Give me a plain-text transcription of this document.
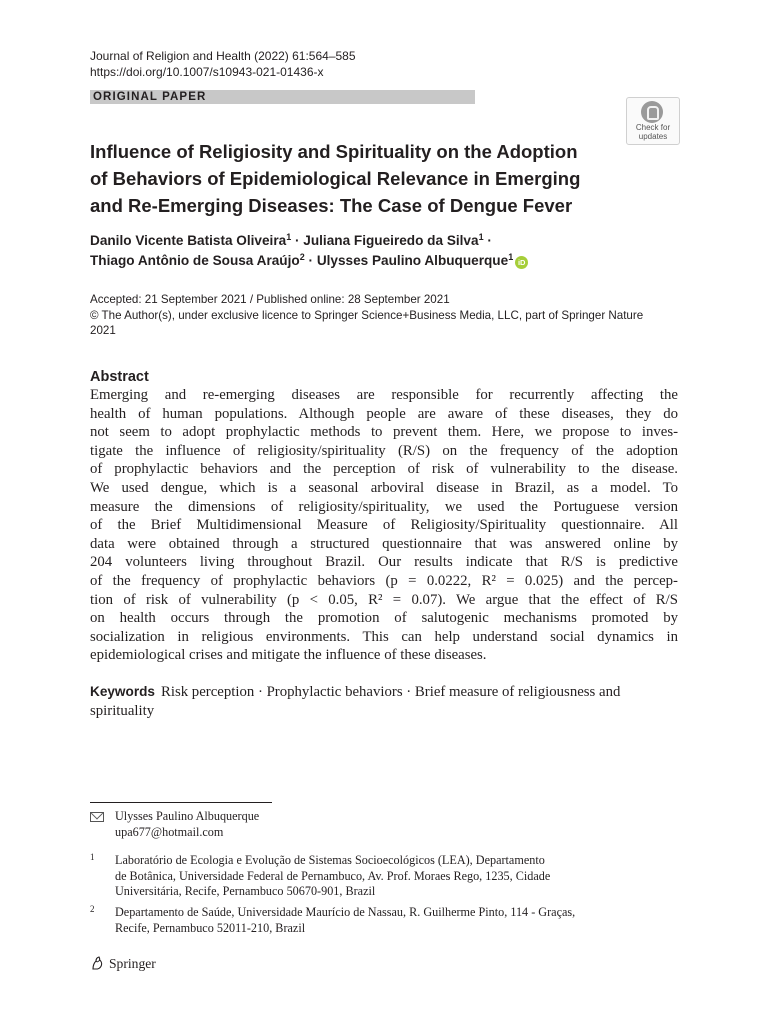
Journal of Religion and Health (2022) 61:564–585
https://doi.org/10.1007/s10943-021-01436-x
ORIGINAL PAPER
Check for
updates
Influence of Religiosity and Spirituality on the Adoption
of Behaviors of Epidemiological Relevance in Emerging
and Re-Emerging Diseases: The Case of Dengue Fever
Danilo Vicente Batista Oliveira$^1$ · Juliana Figueiredo da Silva$^1$ ·
Thiago Antônio de Sousa Araújo$^2$ · Ulysses Paulino Albuquerque$^1$iD
Accepted: 21 September 2021 / Published online: 28 September 2021
© The Author(s), under exclusive licence to Springer Science+Business Media, LLC, part of Springer Nature
2021
Abstract
Emerging and re-emerging diseases are responsible for recurrently affecting the
health of human populations. Although people are aware of these diseases, they do
not seem to adopt prophylactic methods to prevent them. Here, we propose to inves-
tigate the influence of religiosity/spirituality (R/S) on the frequency of the adoption
of prophylactic behaviors and the perception of risk of vulnerability to the disease.
We used dengue, which is a seasonal arboviral disease in Brazil, as a model. To
measure the dimensions of religiosity/spirituality, we used the Portuguese version
of the Brief Multidimensional Measure of Religiosity/Spirituality questionnaire. All
data were obtained through a structured questionnaire that was answered online by
204 volunteers living throughout Brazil. Our results indicate that R/S is predictive
of the frequency of prophylactic behaviors (p = 0.0222, R² = 0.025) and the percep-
tion of risk of vulnerability (p < 0.05, R² = 0.07). We argue that the effect of R/S
on health occurs through the promotion of salutogenic mechanisms promoted by
socialization in religious environments. This can help understand social dynamics in
epidemiological crises and mitigate the influence of these diseases.
Keywords Risk perception · Prophylactic behaviors · Brief measure of religiousness and spirituality
Ulysses Paulino Albuquerque
upa677@hotmail.com
1 Laboratório de Ecologia e Evolução de Sistemas Socioecológicos (LEA), Departamento
de Botânica, Universidade Federal de Pernambuco, Av. Prof. Moraes Rego, 1235, Cidade
Universitária, Recife, Pernambuco 50670-901, Brazil
2 Departamento de Saúde, Universidade Maurício de Nassau, R. Guilherme Pinto, 114 - Graças,
Recife, Pernambuco 52011-210, Brazil
Springer
